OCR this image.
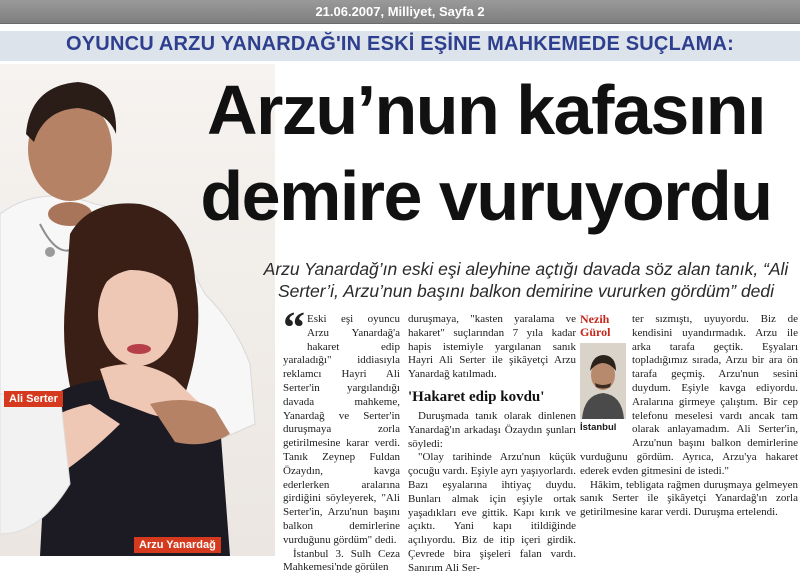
21.06.2007, Milliyet, Sayfa 2
OYUNCU ARZU YANARDAĞ'IN ESKİ EŞİNE MAHKEMEDE SUÇLAMA:
Ali Serter
Arzu Yanardağ
Arzu’nun kafasını
demire vuruyordu
Arzu Yanardağ’ın eski eşi aleyhine açtığı davada söz alan tanık, “Ali Serter’i, Arzu’nun başını balkon demirine vururken gördüm” dedi

“ Eski eşi oyuncu Arzu Yanardağ'a hakaret edip yaraladığı" iddiasıyla reklamcı Hayri Ali Serter'in yargılandığı davada mahkeme, Yanardağ ve Serter'in duruşmaya zorla getirilmesine karar verdi. Tanık Zeynep Fuldan Özaydın, kavga ederlerken aralarına girdiğini söyleyerek, "Ali Serter'in, Arzu'nun başını balkon demirlerine vurduğunu gördüm" dedi.

İstanbul 3. Sulh Ceza Mahkemesi'nde görülen

duruşmaya, "kasten yaralama ve hakaret" suçlarından 7 yıla kadar hapis istemiyle yargılanan sanık Hayri Ali Serter ile şikâyetçi Arzu Yanardağ katılmadı.

'Hakaret edip kovdu'

Duruşmada tanık olarak dinlenen Yanardağ'ın arkadaşı Özaydın şunları söyledi:

"Olay tarihinde Arzu'nun küçük çocuğu vardı. Eşiyle ayrı yaşıyorlardı. Bazı eşyalarına ihtiyaç duydu. Bunları almak için eşiyle ortak yaşadıkları eve gittik. Kapı kırık ve açıktı. Yani kapı itildiğinde açılıyordu. Biz de itip içeri girdik. Çevrede bira şişeleri falan vardı. Sanırım Ali Ser-

Nezih
Gürol
İstanbul

ter sızmıştı, uyuyordu. Biz de kendisini uyandırmadık. Arzu ile arka tarafa geçtik. Eşyaları topladığımız sırada, Arzu bir ara ön tarafa geçmiş. Arzu'nun sesini duydum. Eşiyle kavga ediyordu. Aralarına girmeye çalıştım. Bir cep telefonu meselesi vardı ancak tam olarak anlayamadım. Ali Serter'in, Arzu'nun başını balkon demirlerine vurduğunu gördüm. Ayrıca, Arzu'ya hakaret ederek evden gitmesini de istedi."

Hâkim, tebligata rağmen duruşmaya gelmeyen sanık Serter ile şikâyetçi Yanardağ'ın zorla getirilmesine karar verdi. Duruşma ertelendi.
